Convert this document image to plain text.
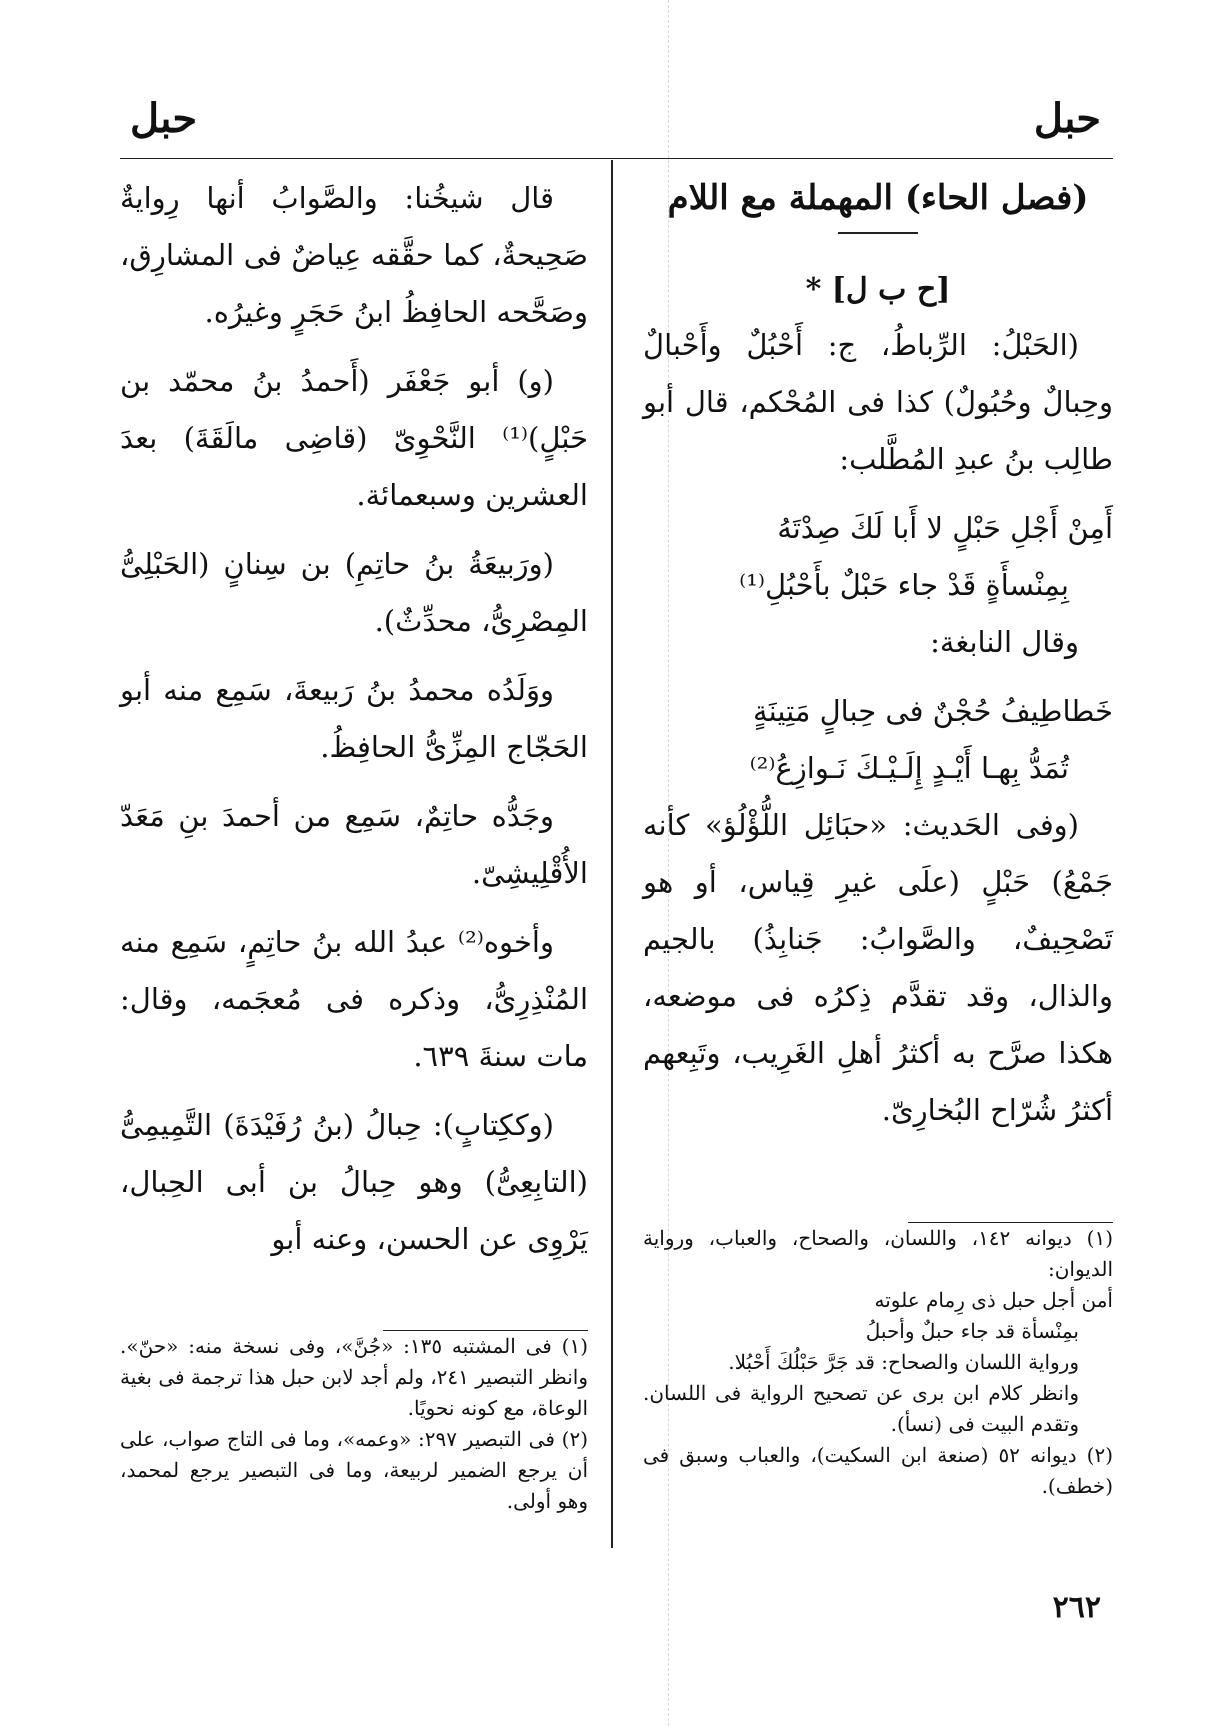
حبل
حبل
(فصل الحاء) المهملة مع اللام
[ح ب ل] *

(الحَبْلُ: الرِّباطُ، ج: أَحْبُلٌ وأَحْبالٌ وحِبالٌ وحُبُولٌ) كذا فى المُحْكم، قال أبو طالِب بنُ عبدِ المُطَّلب:

أَمِنْ أَجْلِ حَبْلٍ لا أَبا لَكَ صِدْتَهُ

بِمِنْسأَةٍ قَدْ جاء حَبْلٌ بأَحْبُلِ⁽¹⁾

وقال النابغة:

خَطاطِيفُ حُجْنٌ فى حِبالٍ مَتِينَةٍ

تُمَدُّ بِهـا أَيْـدٍ إِلَـيْـكَ نَـوازِعُ⁽²⁾

(وفى الحَديث: «حبَائِل اللُّؤْلُؤ» كأنه جَمْعُ) حَبْلٍ (علَى غيرِ قِياس، أو هو تَصْحِيفٌ، والصَّوابُ: جَنابِذُ) بالجيم والذال، وقد تقدَّم ذِكرُه فى موضعه، هكذا صرَّح به أكثرُ أهلِ الغَرِيب، وتَبِعهم أكثرُ شُرّاح البُخارِىّ.

قال شيخُنا: والصَّوابُ أنها رِوايةٌ صَحِيحةٌ، كما حقَّقه عِياضٌ فى المشارِق، وصَحَّحه الحافِظُ ابنُ حَجَرٍ وغيرُه.

(و) أبو جَعْفَر (أَحمدُ بنُ محمّد بن حَبْلٍ)⁽¹⁾ النَّحْوِىّ (قاضِى مالَقَةَ) بعدَ العشرين وسبعمائة.

(ورَبيعَةُ بنُ حاتِمِ) بن سِنانٍ (الحَبْلِىُّ المِصْرِىُّ، محدِّثٌ).

ووَلَدُه محمدُ بنُ رَبيعةَ، سَمِع منه أبو الحَجّاج المِزِّىُّ الحافِظُ.

وجَدُّه حاتِمٌ، سَمِع من أحمدَ بنِ مَعَدّ الأُقْلِيشِىّ.

وأخوه⁽²⁾ عبدُ الله بنُ حاتِمٍ، سَمِع منه المُنْذِرِىُّ، وذكره فى مُعجَمه، وقال: مات سنةَ ٦٣٩.

(وككِتابٍ): حِبالُ (بنُ رُفَيْدَةَ) التَّمِيمِىُّ (التابِعِىُّ) وهو حِبالُ بن أبى الحِبال، يَرْوِى عن الحسن، وعنه أبو	(١) ديوانه ١٤٢، واللسان، والصحاح، والعباب، ورواية الديوان:

أمن أجل حبل ذى رِمام علوته

بمِنْسأة قد جاء حبلٌ وأحبلُ

ورواية اللسان والصحاح: قد جَرَّ حَبْلُكَ أَحْبُلا.

وانظر كلام ابن برى عن تصحيح الرواية فى اللسان. وتقدم البيت فى (نسأ).

(٢) ديوانه ٥٢ (صنعة ابن السكيت)، والعباب وسبق فى (خطف).

(١) فى المشتبه ١٣٥: «جُنَّ»، وفى نسخة منه: «حنّ». وانظر التبصير ٢٤١، ولم أجد لابن حبل هذا ترجمة فى بغية الوعاة، مع كونه نحويًا.

(٢) فى التبصير ٢٩٧: «وعمه»، وما فى التاج صواب، على أن يرجع الضمير لربيعة، وما فى التبصير يرجع لمحمد، وهو أولى.

٢٦٢
